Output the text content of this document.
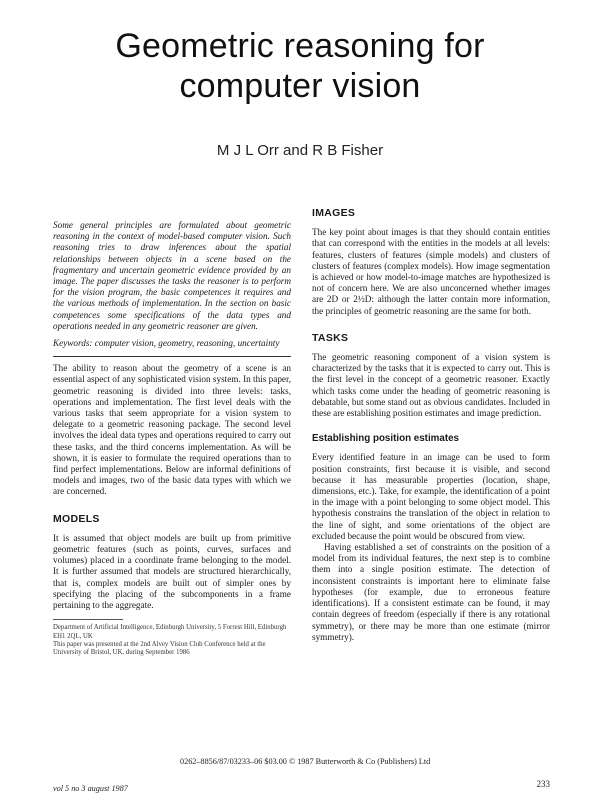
Geometric reasoning for
computer vision
M J L Orr and R B Fisher

Some general principles are formulated about geometric reasoning in the context of model-based computer vision. Such reasoning tries to draw inferences about the spatial relationships between objects in a scene based on the fragmentary and uncertain geometric evidence provided by an image. The paper discusses the tasks the reasoner is to perform for the vision program, the basic competences it requires and the various methods of implementation. In the section on basic competences some specifications of the data types and operations needed in any geometric reasoner are given.

Keywords: computer vision, geometry, reasoning, uncertainty

The ability to reason about the geometry of a scene is an essential aspect of any sophisticated vision system. In this paper, geometric reasoning is divided into three levels: tasks, operations and implementation. The first level deals with the various tasks that seem appropriate for a vision system to delegate to a geometric reasoning package. The second level involves the ideal data types and operations required to carry out these tasks, and the third concerns implementation. As will be shown, it is easier to formulate the required operations than to find perfect implementations. Below are informal definitions of models and images, two of the basic data types with which we are concerned.

MODELS

It is assumed that object models are built up from primitive geometric features (such as points, curves, surfaces and volumes) placed in a coordinate frame belonging to the model. It is further assumed that models are structured hierarchically, that is, complex models are built out of simpler ones by specifying the placing of the subcomponents in a frame pertaining to the aggregate.

Department of Artificial Intelligence, Edinburgh University, 5 Forrest Hill, Edinburgh EH1 2QL, UK

This paper was presented at the 2nd Alvey Vision Club Conference held at the University of Bristol, UK, during September 1986

IMAGES

The key point about images is that they should contain entities that can correspond with the entities in the models at all levels: features, clusters of features (simple models) and clusters of clusters of features (complex models). How image segmentation is achieved or how model-to-image matches are hypothesized is not of concern here. We are also unconcerned whether images are 2D or 2½D: although the latter contain more information, the principles of geometric reasoning are the same for both.

TASKS

The geometric reasoning component of a vision system is characterized by the tasks that it is expected to carry out. This is the first level in the concept of a geometric reasoner. Exactly which tasks come under the heading of geometric reasoning is debatable, but some stand out as obvious candidates. Included in these are establishing position estimates and image prediction.

Establishing position estimates

Every identified feature in an image can be used to form position constraints, first because it is visible, and second because it has measurable properties (location, shape, dimensions, etc.). Take, for example, the identification of a point in the image with a point belonging to some object model. This hypothesis constrains the translation of the object in relation to the line of sight, and some orientations of the object are excluded because the point would be obscured from view.

Having established a set of constraints on the position of a model from its individual features, the next step is to combine them into a single position estimate. The detection of inconsistent constraints is important here to eliminate false hypotheses (for example, due to erroneous feature identifications). If a consistent estimate can be found, it may contain degrees of freedom (especially if there is any rotational symmetry), or there may be more than one estimate (mirror symmetry).

0262–8856/87/03233–06 $03.00 © 1987 Butterworth & Co (Publishers) Ltd
vol 5 no 3 august 1987	233
